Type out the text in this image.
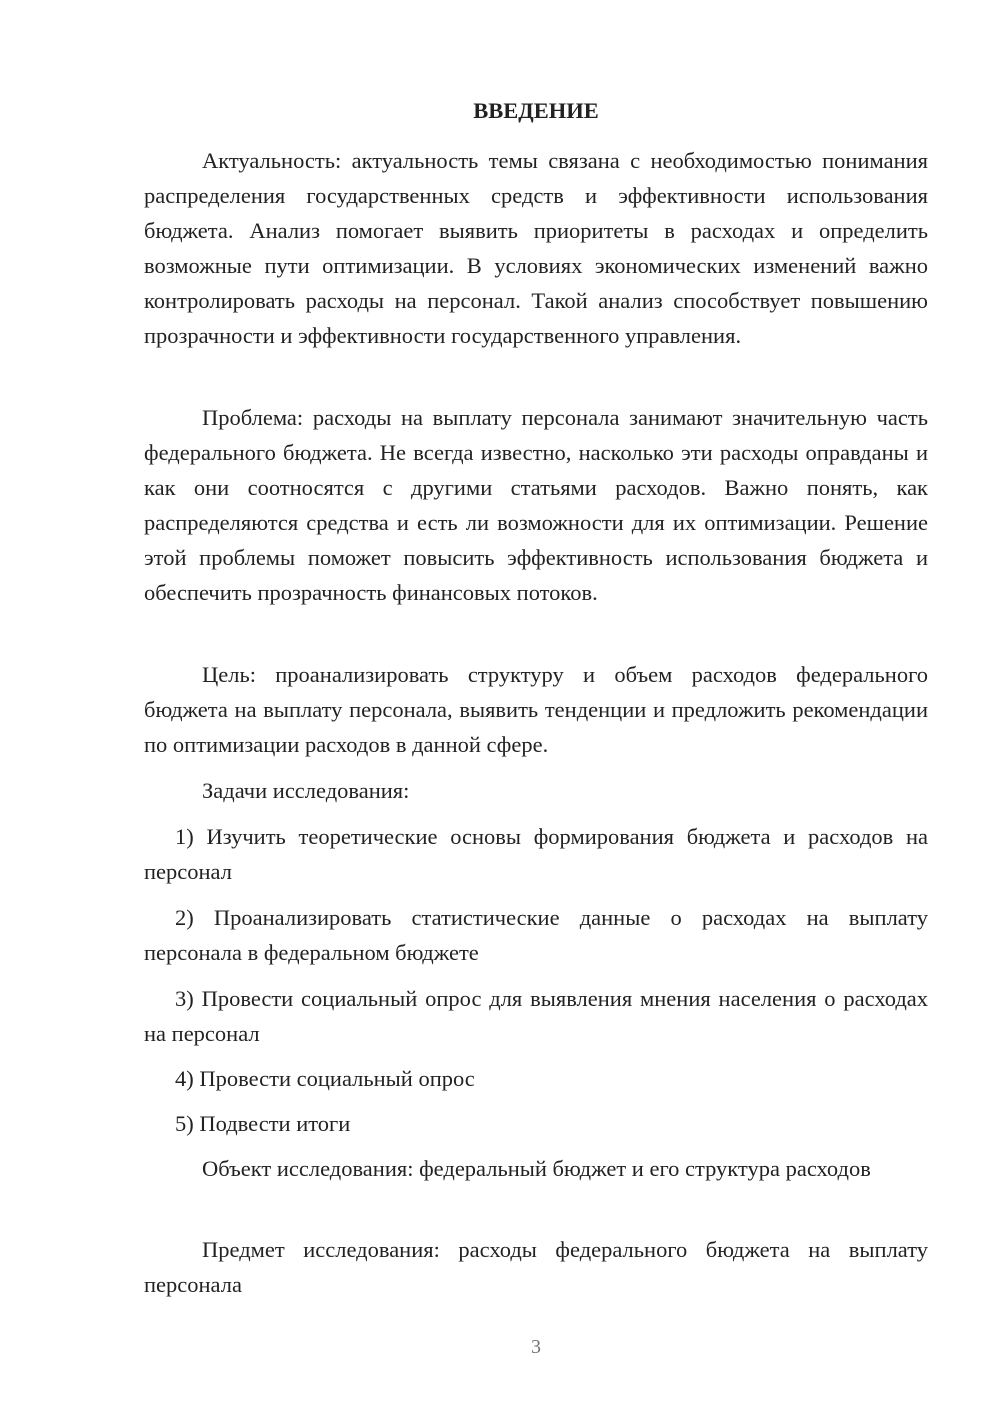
ВВЕДЕНИЕ

Актуальность: актуальность темы связана с необходимостью понимания распределения государственных средств и эффективности использования бюджета. Анализ помогает выявить приоритеты в расходах и определить возможные пути оптимизации. В условиях экономических изменений важно контролировать расходы на персонал. Такой анализ способствует повышению прозрачности и эффективности государственного управления.

Проблема: расходы на выплату персонала занимают значительную часть федерального бюджета. Не всегда известно, насколько эти расходы оправданы и как они соотносятся с другими статьями расходов. Важно понять, как распределяются средства и есть ли возможности для их оптимизации. Решение этой проблемы поможет повысить эффективность использования бюджета и обеспечить прозрачность финансовых потоков.

Цель: проанализировать структуру и объем расходов федерального бюджета на выплату персонала, выявить тенденции и предложить рекомендации по оптимизации расходов в данной сфере.

Задачи исследования:

1) Изучить теоретические основы формирования бюджета и расходов на персонал

2) Проанализировать статистические данные о расходах на выплату персонала в федеральном бюджете

3) Провести социальный опрос для выявления мнения населения о расходах на персонал

4) Провести социальный опрос

5) Подвести итоги

Объект исследования: федеральный бюджет и его структура расходов

Предмет исследования: расходы федерального бюджета на выплату персонала

3
